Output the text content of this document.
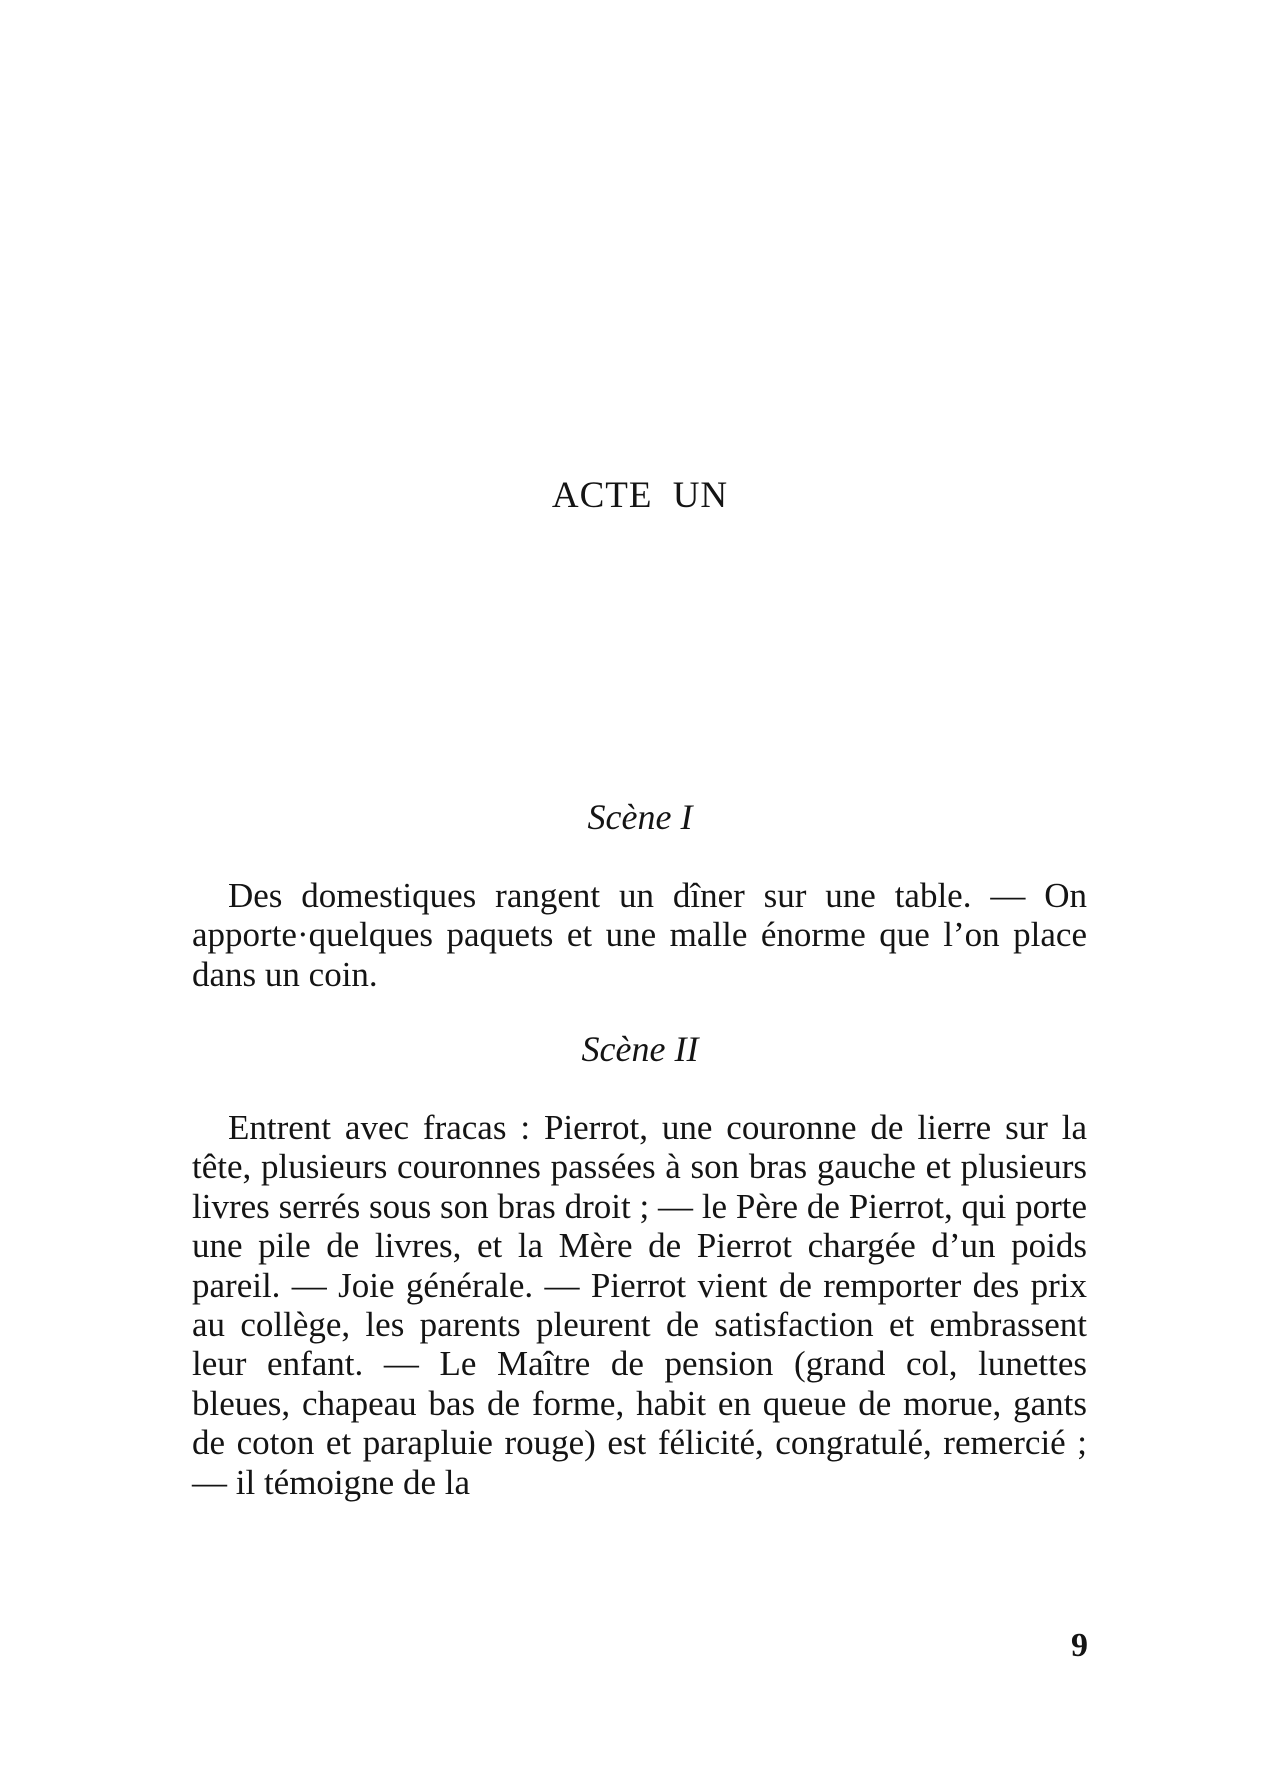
ACTE UN
Scène I

Des domestiques rangent un dîner sur une table. — On apporte·quelques paquets et une malle énorme que l’on place dans un coin.

Scène II

Entrent avec fracas : Pierrot, une couronne de lierre sur la tête, plusieurs couronnes passées à son bras gauche et plusieurs livres serrés sous son bras droit ; — le Père de Pierrot, qui porte une pile de livres, et la Mère de Pierrot chargée d’un poids pareil. — Joie générale. — Pierrot vient de remporter des prix au collège, les parents pleurent de satisfaction et embrassent leur enfant. — Le Maître de pension (grand col, lunettes bleues, chapeau bas de forme, habit en queue de morue, gants de coton et parapluie rouge) est félicité, congratulé, remercié ; — il témoigne de la

9
